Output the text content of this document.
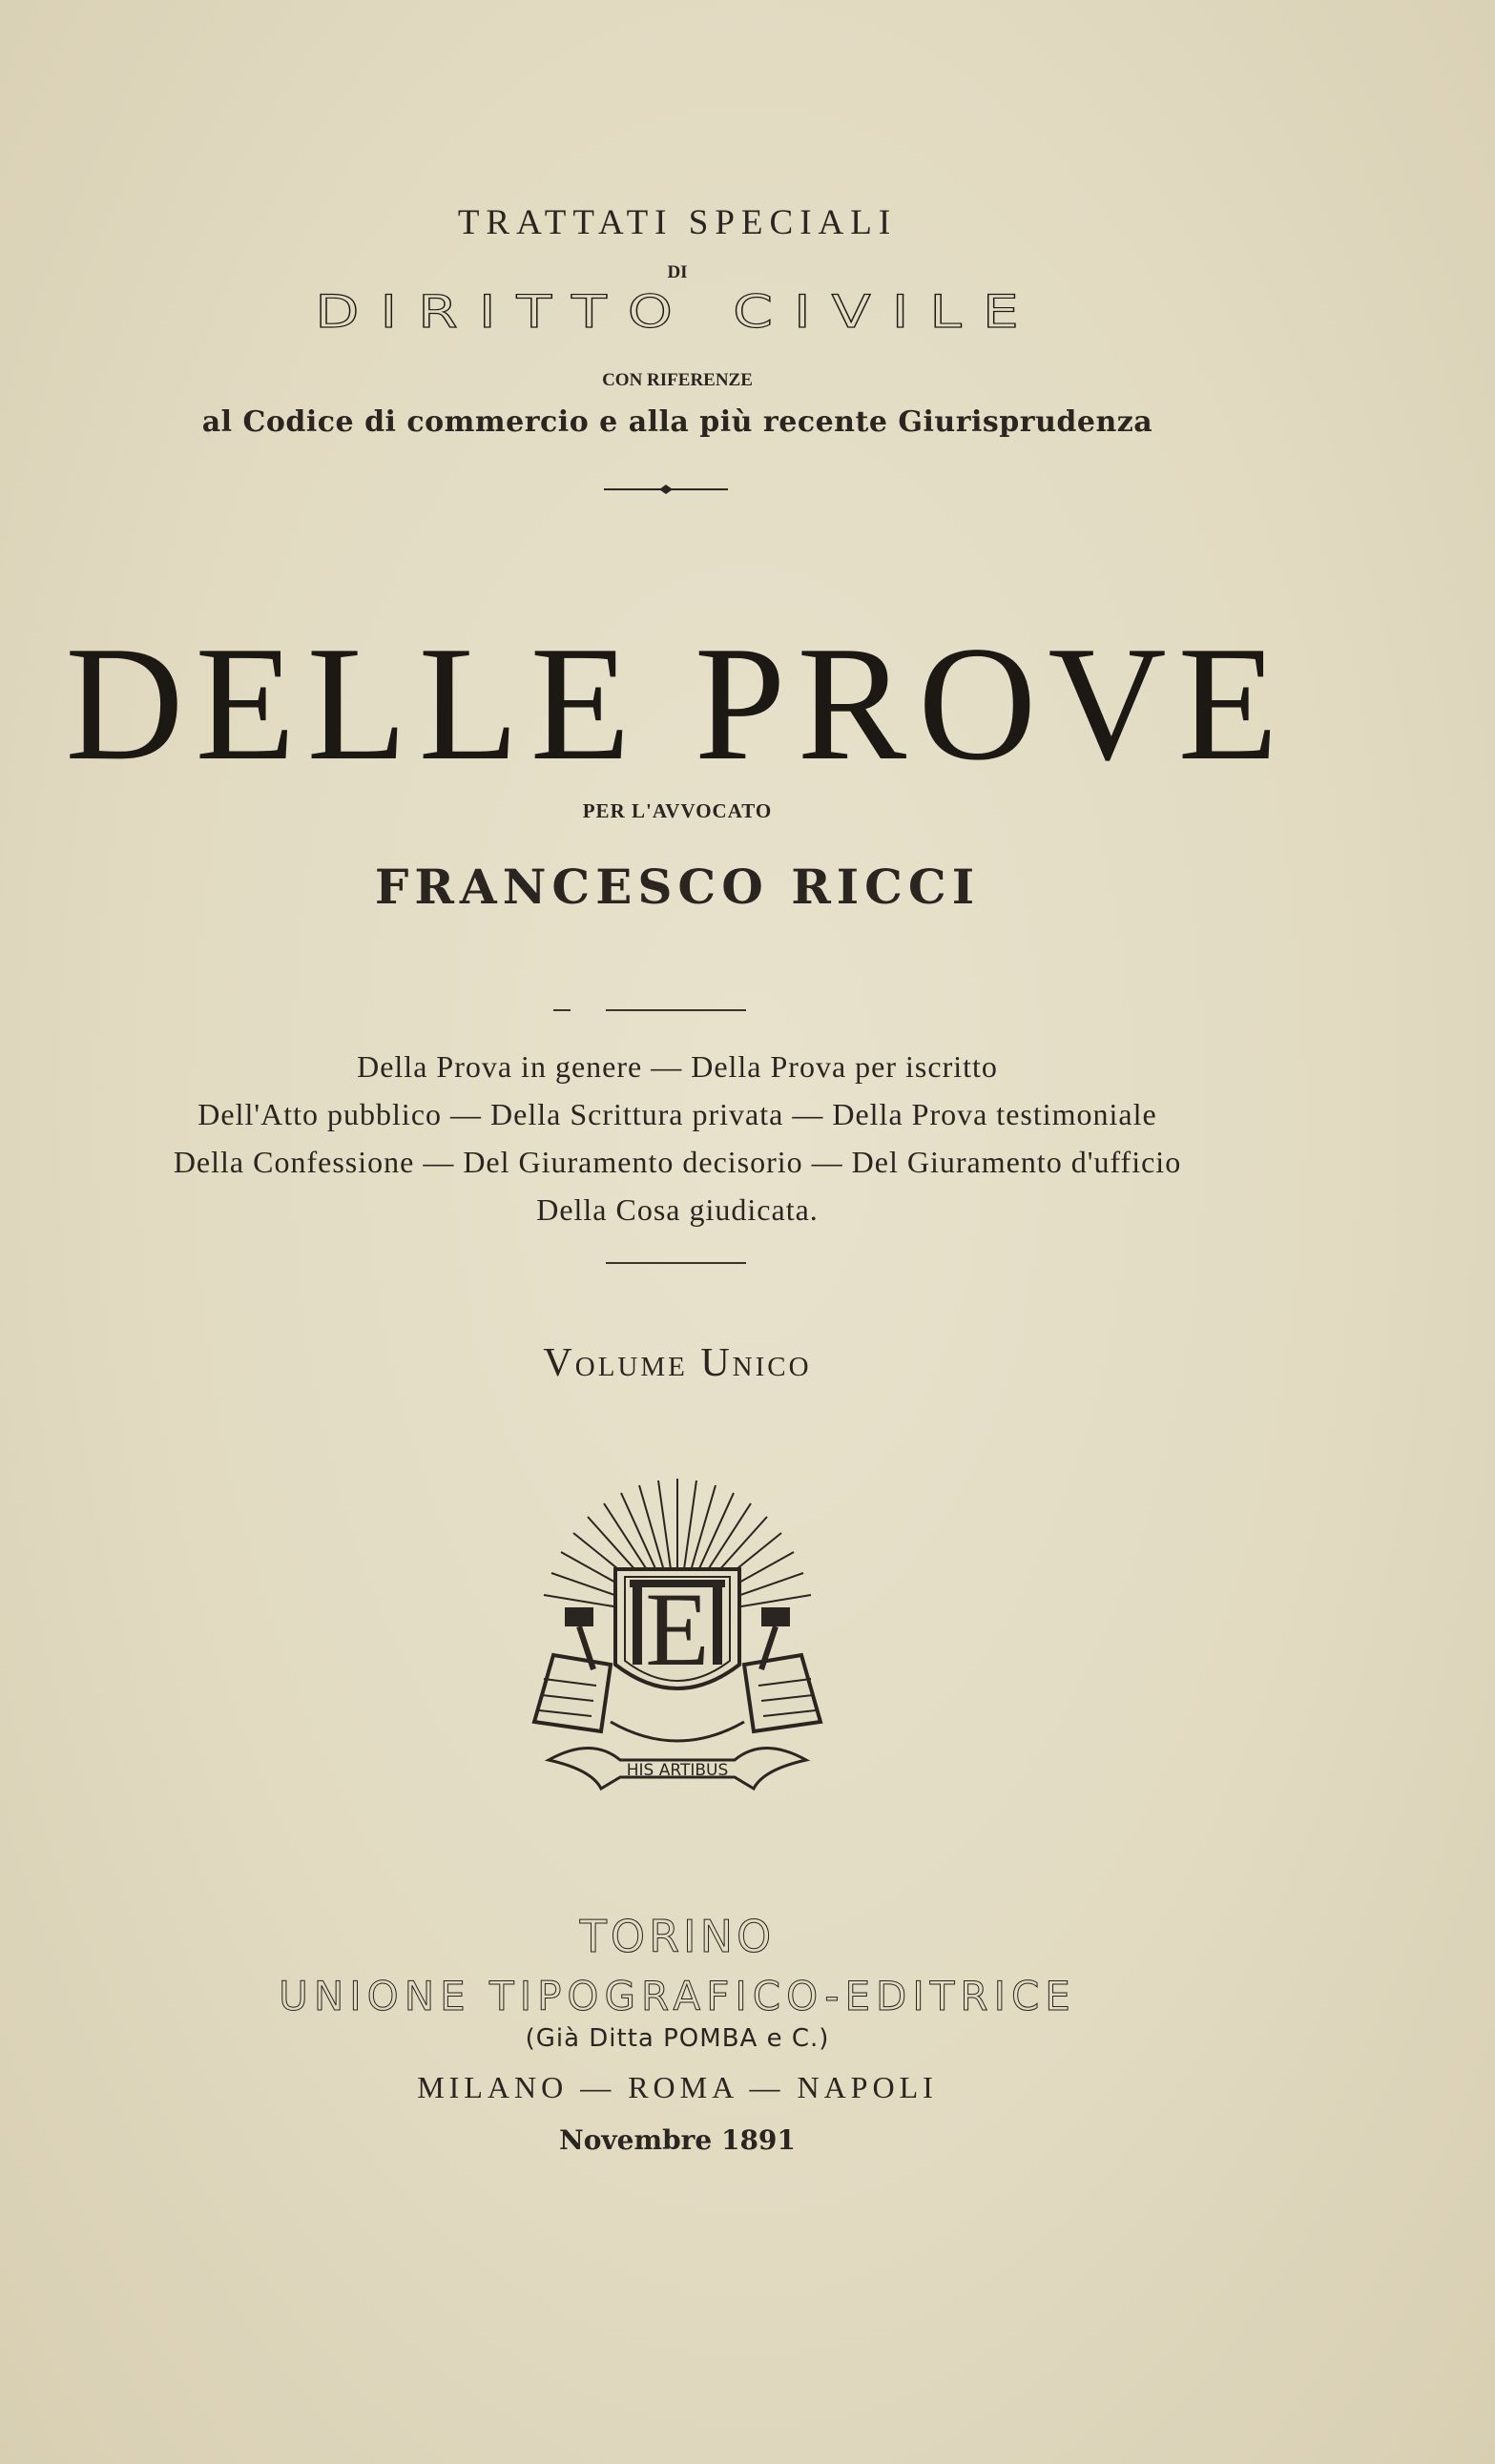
TRATTATI SPECIALI
DI
DIRITTO CIVILE
CON RIFERENZE
al Codice di commercio e alla più recente Giurisprudenza
DELLE PROVE
PER L'AVVOCATO
FRANCESCO RICCI
Della Prova in genere — Della Prova per iscritto
Dell'Atto pubblico — Della Scrittura privata — Della Prova testimoniale
Della Confessione — Del Giuramento decisorio — Del Giuramento d'ufficio
Della Cosa giudicata.
Volume Unico
E
HIS ARTIBUS
TORINO
UNIONE TIPOGRAFICO-EDITRICE
(Già Ditta POMBA e C.)
MILANO — ROMA — NAPOLI
Novembre 1891
